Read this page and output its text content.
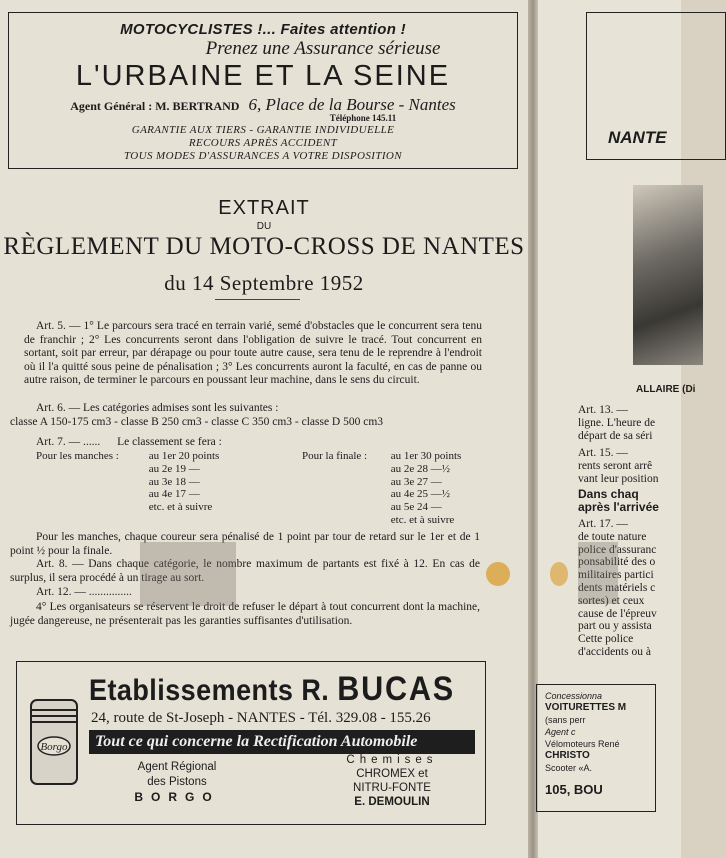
MOTOCYCLISTES !... Faites attention !
Prenez une Assurance sérieuse
L'URBAINE ET LA SEINE
Agent Général : M. BERTRAND 6, Place de la Bourse - Nantes
Téléphone 145.11
GARANTIE AUX TIERS - GARANTIE INDIVIDUELLE
RECOURS APRÈS ACCIDENT
TOUS MODES D'ASSURANCES A VOTRE DISPOSITION
EXTRAIT
DU
RÈGLEMENT DU MOTO-CROSS DE NANTES
du 14 Septembre 1952
Art. 5. — 1° Le parcours sera tracé en terrain varié, semé d'obstacles que le concurrent sera tenu de franchir ; 2° Les concurrents seront dans l'obligation de suivre le tracé. Tout concurrent en sortant, soit par erreur, par dérapage ou pour toute autre cause, sera tenu de le reprendre à l'endroit où il l'a quitté sous peine de pénalisation ; 3° Les concurrents auront la faculté, en cas de panne ou autre raison, de terminer le parcours en poussant leur machine, dans le sens du circuit.
Art. 6. — Les catégories admises sont les suivantes :
classe A 150-175 cm3 - classe B 250 cm3 - classe C 350 cm3 - classe D 500 cm3
Art. 7. — ...... Le classement se fera :
Pour les manches :	au 1er 20 points
au 2e 19 —
au 3e 18 —
au 4e 17 —
etc. et à suivre
Pour la finale : au 1er 30 points
au 2e 28 —½
au 3e 27 —
au 4e 25 —½
au 5e 24 —
etc. et à suivre
Pour les manches, chaque coureur sera pénalisé de 1 point par tour de retard sur le 1er et de 1 point ½ pour la finale.
Art. 8. — Dans chaque catégorie, le nombre maximum de partants est fixé à 12. En cas de surplus, il sera procédé à un tirage au sort.
Art. 12. — ...............
4° Les organisateurs se réservent le droit de refuser le départ à tout concurrent dont la machine, jugée dangereuse, ne présenterait pas les garanties suffisantes d'utilisation.
Borgo
Etablissements R. BUCAS
24, route de St-Joseph - NANTES - Tél. 329.08 - 155.26
Tout ce qui concerne la Rectification Automobile
Agent Régional
des Pistons
BORGO
Chemises
CHROMEX et
NITRU-FONTE
E. DEMOULIN
NANTE
ALLAIRE (Di
Art. 13. —
ligne. L'heure de
départ de sa séri
Art. 15. —
rents seront arrê
vant leur position
Dans chaq
après l'arrivée
Art. 17. —
de toute nature
police d'assuranc
ponsabilité des o
militaires partici
dents matériels c
sortes) et ceux
cause de l'épreuv
part ou y assista
Cette police
d'accidents ou à
Concessionna
VOITURETTES M
(sans perr
Agent c
Vélomoteurs René
CHRISTO
Scooter «A.
105, BOU
